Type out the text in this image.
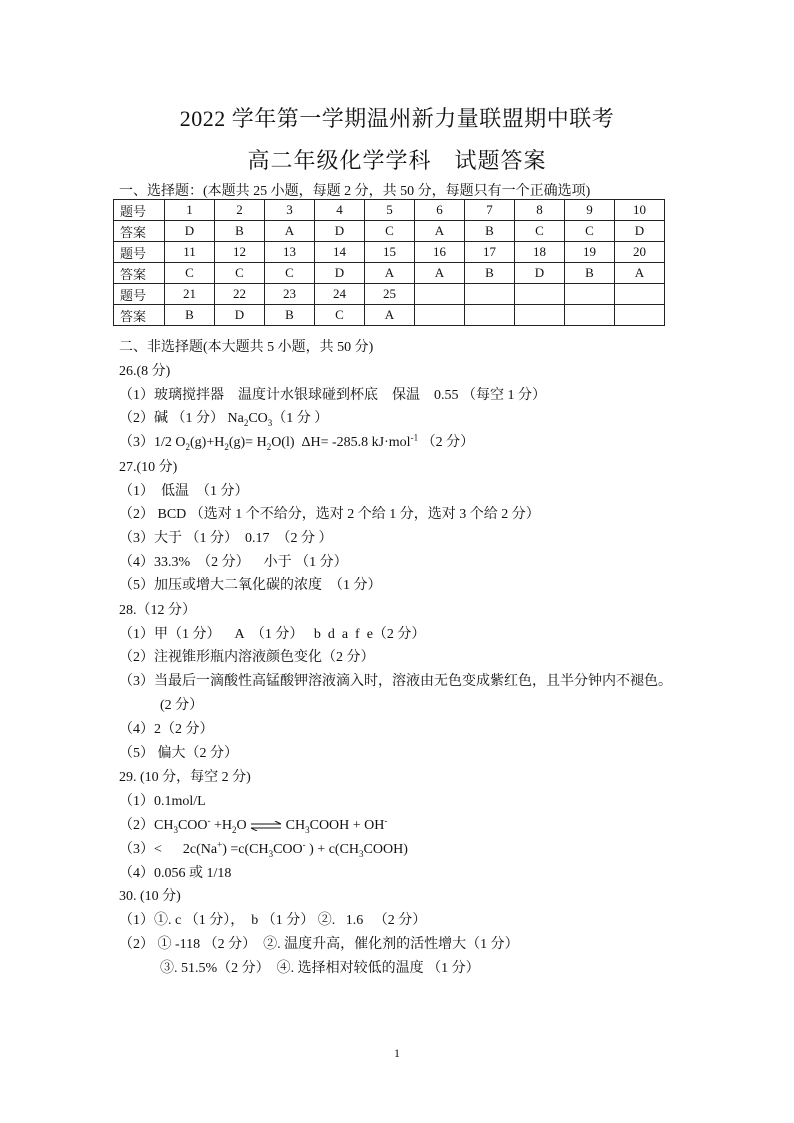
2022 学年第一学期温州新力量联盟期中联考
高二年级化学学科　试题答案
一、选择题：(本题共 25 小题，每题 2 分，共 50 分，每题只有一个正确选项)
题号	1	2	3	4	5	6	7	8	9	10
答案	D	B	A	D	C	A	B	C	C	D
题号	11	12	13	14	15	16	17	18	19	20
答案	C	C	C	D	A	A	B	D	B	A
题号	21	22	23	24	25					
答案	B	D	B	C	A					
二、非选择题(本大题共 5 小题，共 50 分)
26.(8 分)
（1）玻璃搅拌器　温度计水银球碰到杯底　保温　0.55 （每空 1 分）
（2）碱 （1 分） $Na_2CO_3(1$ 分 ）
（3）1/2 $O_2(g)+H_2(g)= H_2O(l)$  ΔH= -285.8 kJ·mol$^{-1}$ （2 分）
27.(10 分)
（1）  低温  （1 分）
（2） BCD （选对 1 个不给分，选对 2 个给 1 分，选对 3 个给 2 分）
（3）大于 （1 分）  0.17  （2 分 ）
（4）33.3%  （2 分）    小于 （1 分）
（5）加压或增大二氧化碳的浓度  （1 分）
28.（12 分）
（1）甲（1 分）    A  （1 分）   b  d  a  f  e（2 分）
（2）注视锥形瓶内溶液颜色变化（2 分）
（3）当最后一滴酸性高锰酸钾溶液滴入时，溶液由无色变成紫红色，且半分钟内不褪色。
(2 分）
（4）2（2 分）
（5） 偏大（2 分）
29. (10 分，每空 2 分)
（1）0.1mol/L
$(2)CH_3COO^- +H_2O$ ⇌ $CH_3COOH + OH^-$
（3）<      $2c(Na^+) =c(CH_3COO^-$ ) + $c(CH_3COOH)$
（4）0.056 或 1/18
30. (10 分)
（1）①. c （1 分），  b （1 分） ②.   1.6   （2 分）
（2） ① -118 （2 分）  ②. 温度升高，催化剂的活性增大（1 分）
③. 51.5%（2 分）  ④. 选择相对较低的温度 （1 分）
1
